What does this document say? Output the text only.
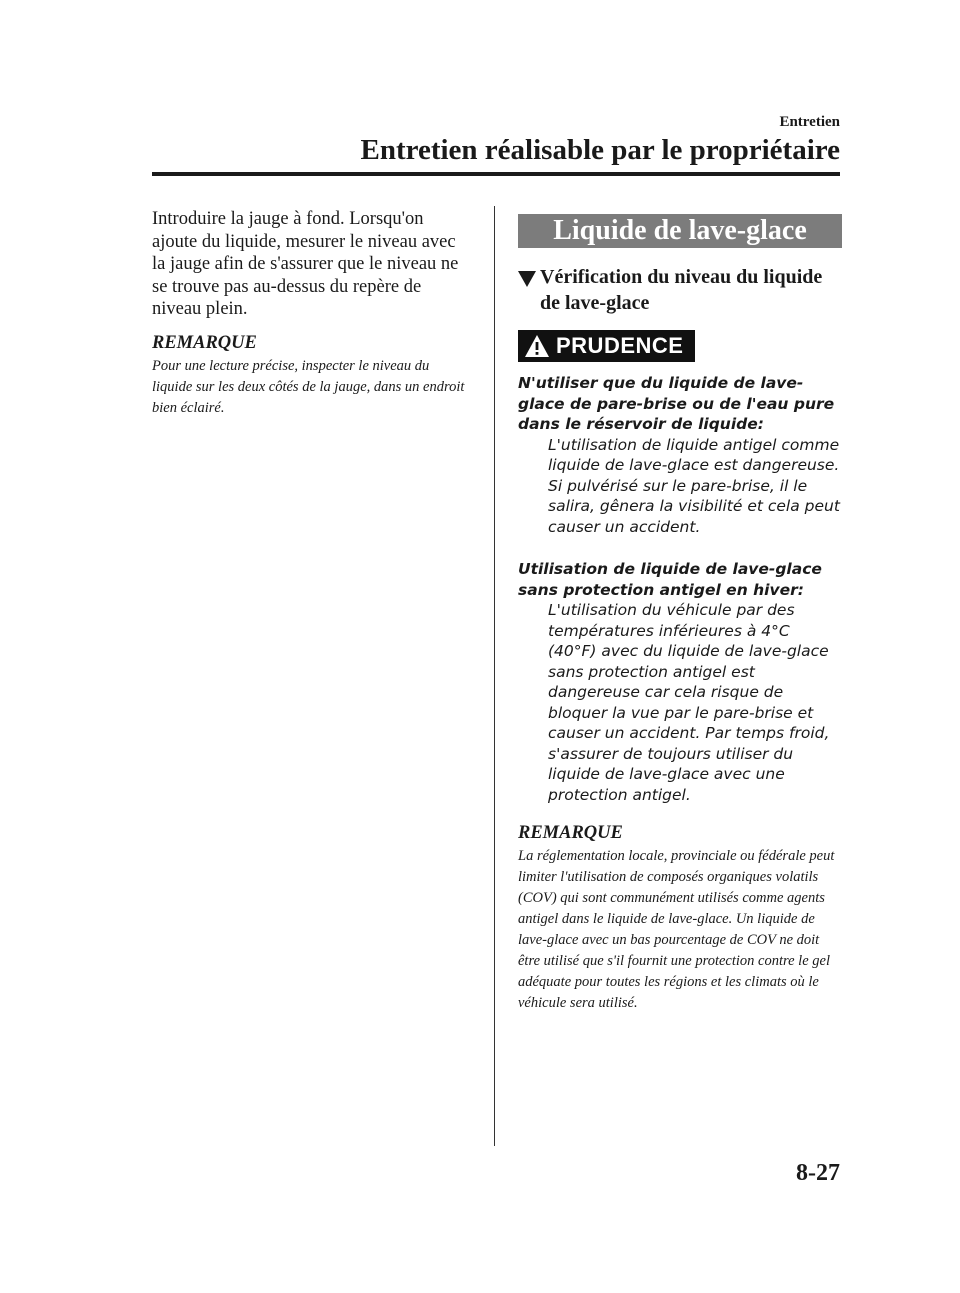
Entretien
Entretien réalisable par le propriétaire

Introduire la jauge à fond. Lorsqu'on ajoute du liquide, mesurer le niveau avec la jauge afin de s'assurer que le niveau ne se trouve pas au-dessus du repère de niveau plein.

REMARQUE

Pour une lecture précise, inspecter le niveau du liquide sur les deux côtés de la jauge, dans un endroit bien éclairé.

Liquide de lave-glace
Vérification du niveau du liquide de lave-glace
PRUDENCE

N'utiliser que du liquide de lave-glace de pare-brise ou de l'eau pure dans le réservoir de liquide:

L'utilisation de liquide antigel comme liquide de lave-glace est dangereuse. Si pulvérisé sur le pare-brise, il le salira, gênera la visibilité et cela peut causer un accident.

Utilisation de liquide de lave-glace sans protection antigel en hiver:

L'utilisation du véhicule par des températures inférieures à 4°C (40°F) avec du liquide de lave-glace sans protection antigel est dangereuse car cela risque de bloquer la vue par le pare-brise et causer un accident. Par temps froid, s'assurer de toujours utiliser du liquide de lave-glace avec une protection antigel.

REMARQUE

La réglementation locale, provinciale ou fédérale peut limiter l'utilisation de composés organiques volatils (COV) qui sont communément utilisés comme agents antigel dans le liquide de lave-glace. Un liquide de lave-glace avec un bas pourcentage de COV ne doit être utilisé que s'il fournit une protection contre le gel adéquate pour toutes les régions et les climats où le véhicule sera utilisé.

8-27
